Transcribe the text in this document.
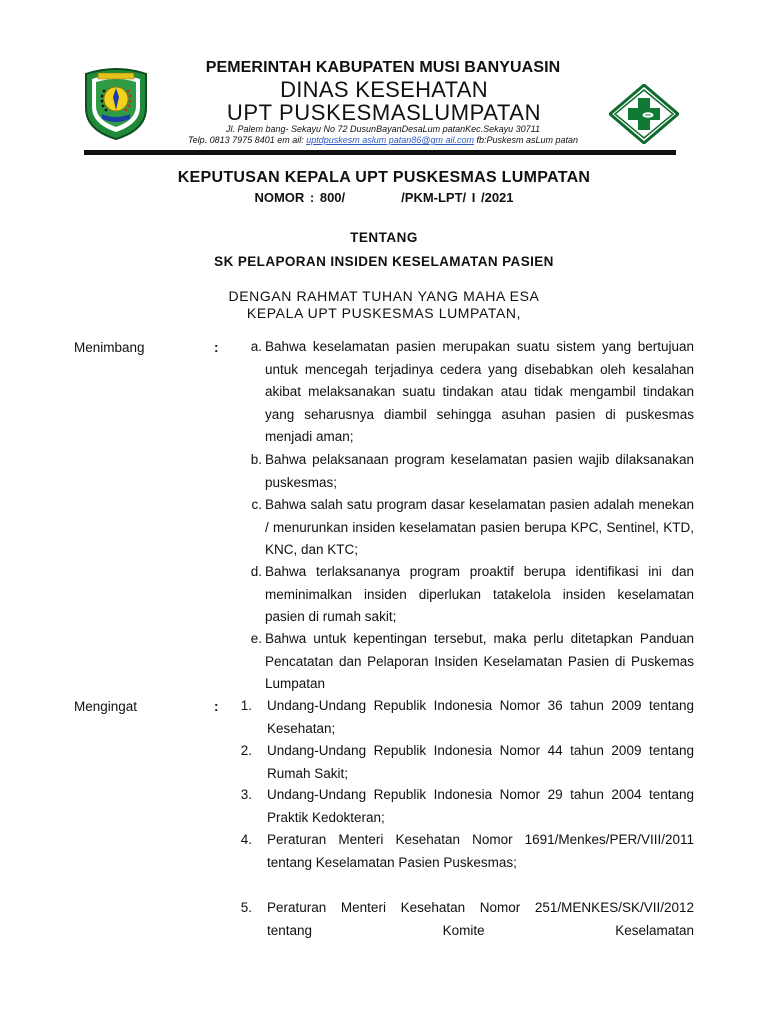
PEMERINTAH KABUPATEN MUSI BANYUASIN
DINAS KESEHATAN
UPT PUSKESMASLUMPATAN
Jl. Palem bang- Sekayu No 72 DusunBayanDesaLum patanKec.Sekayu 30711
Telp. 0813 7975 8401 em ail: uptdpuskesm aslum patan86@gm ail.com fb:Puskesm asLum patan
KEPUTUSAN KEPALA UPT PUSKESMAS LUMPATAN
NOMOR : 800/	/PKM-LPT/ I /2021
TENTANG
SK PELAPORAN INSIDEN KESELAMATAN PASIEN
DENGAN RAHMAT TUHAN YANG MAHA ESA
KEPALA UPT PUSKESMAS LUMPATAN,
Menimbang	:	a. Bahwa keselamatan pasien merupakan suatu sistem yang bertujuan untuk mencegah terjadinya cedera yang disebabkan oleh kesalahan akibat melaksanakan suatu tindakan atau tidak mengambil tindakan yang seharusnya diambil sehingga asuhan pasien di puskesmas menjadi aman;
b. Bahwa pelaksanaan program keselamatan pasien wajib dilaksanakan puskesmas;
c. Bahwa salah satu program dasar keselamatan pasien adalah menekan / menurunkan insiden keselamatan pasien berupa KPC, Sentinel, KTD, KNC, dan KTC;
d. Bahwa terlaksananya program proaktif berupa identifikasi ini dan meminimalkan insiden diperlukan tatakelola insiden keselamatan pasien di rumah sakit;
e. Bahwa untuk kepentingan tersebut, maka perlu ditetapkan Panduan Pencatatan dan Pelaporan Insiden Keselamatan Pasien di Puskemas Lumpatan
Mengingat	:	1. Undang-Undang Republik Indonesia Nomor 36 tahun 2009 tentang Kesehatan;
2. Undang-Undang Republik Indonesia Nomor 44 tahun 2009 tentang Rumah Sakit;
3. Undang-Undang Republik Indonesia Nomor 29 tahun 2004 tentang Praktik Kedokteran;
4. Peraturan Menteri Kesehatan Nomor 1691/Menkes/PER/VIII/2011 tentang Keselamatan Pasien Puskesmas;
5. Peraturan Menteri Kesehatan Nomor 251/MENKES/SK/VII/2012 tentang Komite Keselamatan
